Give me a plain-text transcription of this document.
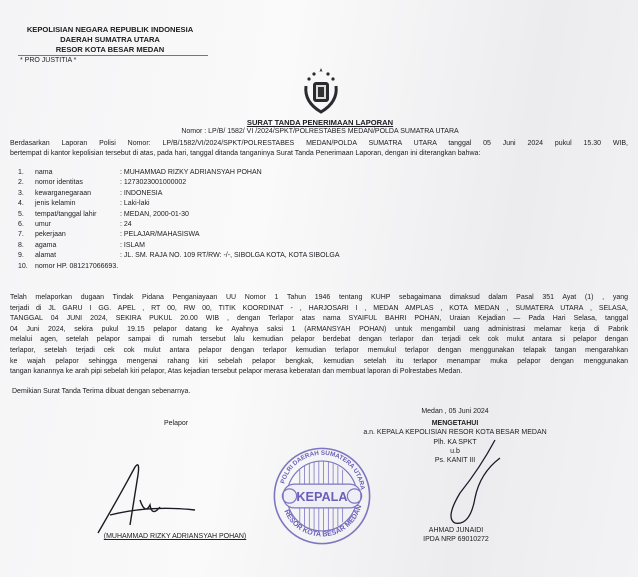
KEPOLISIAN NEGARA REPUBLIK INDONESIA
DAERAH SUMATRA UTARA
RESOR KOTA BESAR MEDAN
* PRO JUSTITIA *
SURAT TANDA PENERIMAAN LAPORAN
Nomor : LP/B/ 1582/ VI /2024/SPKT/POLRESTABES MEDAN/POLDA SUMATRA UTARA
Berdasarkan Laporan Polisi Nomor: LP/B/1582/VI/2024/SPKT/POLRESTABES MEDAN/POLDA SUMATRA UTARA tanggal 05 Juni 2024 pukul 15.30 WIB,
bertempat di kantor kepolisian tersebut di atas, pada hari, tanggal ditanda tanganinya Surat Tanda Penerimaan Laporan, dengan ini diterangkan bahwa:
1. nama	: MUHAMMAD RIZKY ADRIANSYAH POHAN
2. nomor identitas	: 1273023001000002
3. kewarganegaraan	: INDONESIA
4. jenis kelamin	: Laki-laki
5. tempat/tanggal lahir	: MEDAN, 2000-01-30
6. umur	: 24
7. pekerjaan	: PELAJAR/MAHASISWA
8. agama	: ISLAM
9. alamat	: JL. SM. RAJA NO. 109 RT/RW: -/-, SIBOLGA KOTA, KOTA SIBOLGA
10. nomor HP. 081217066693.
Telah melaporkan dugaan Tindak Pidana Penganiayaan UU Nomor 1 Tahun 1946 tentang KUHP sebagaimana dimaksud dalam Pasal 351 Ayat (1) , yang
terjadi di JL GARU I GG. APEL , RT 00, RW 00, TITIK KOORDINAT - , HARJOSARI I , MEDAN AMPLAS , KOTA MEDAN , SUMATERA UTARA , SELASA,
TANGGAL 04 JUNI 2024, SEKIRA PUKUL 20.00 WIB , dengan Terlapor atas nama SYAIFUL BAHRI POHAN, Uraian Kejadian — Pada Hari Selasa, tanggal
04 Juni 2024, sekira pukul 19.15 pelapor datang ke Ayahnya saksi 1 (ARMANSYAH POHAN) untuk mengambil uang administrasi melamar kerja di Pabrik
melalui agen, setelah pelapor sampai di rumah tersebut lalu kemudian pelapor berdebat dengan terlapor dan terjadi cek cok mulut antara si pelapor dengan
terlapor, setelah terjadi cek cok mulut antara pelapor dengan terlapor kemudian terlapor memukul terlapor dengan menggunakan telapak tangan mengarahkan
ke wajah pelapor sehingga mengenai rahang kiri sebelah pelapor bengkak, kemudian setelah itu terlapor menampar muka pelapor dengan menggunakan
tangan kanannya ke arah pipi sebelah kiri pelapor, Atas kejadian tersebut pelapor merasa keberatan dan membuat laporan di Polrestabes Medan.
Demikian Surat Tanda Terima dibuat dengan sebenarnya.
Medan , 05 Juni 2024
Pelapor	MENGETAHUI
KEPALA
RESOR KOTA BESAR MEDAN
POLRI DAERAH SUMATERA UTARA
a.n. KEPALA KEPOLISIAN RESOR KOTA BESAR MEDAN
Plh. KA SPKT
u.b
Ps. KANIT III
AHMAD JUNAIDI
IPDA NRP 69010272
(MUHAMMAD RIZKY ADRIANSYAH POHAN)
